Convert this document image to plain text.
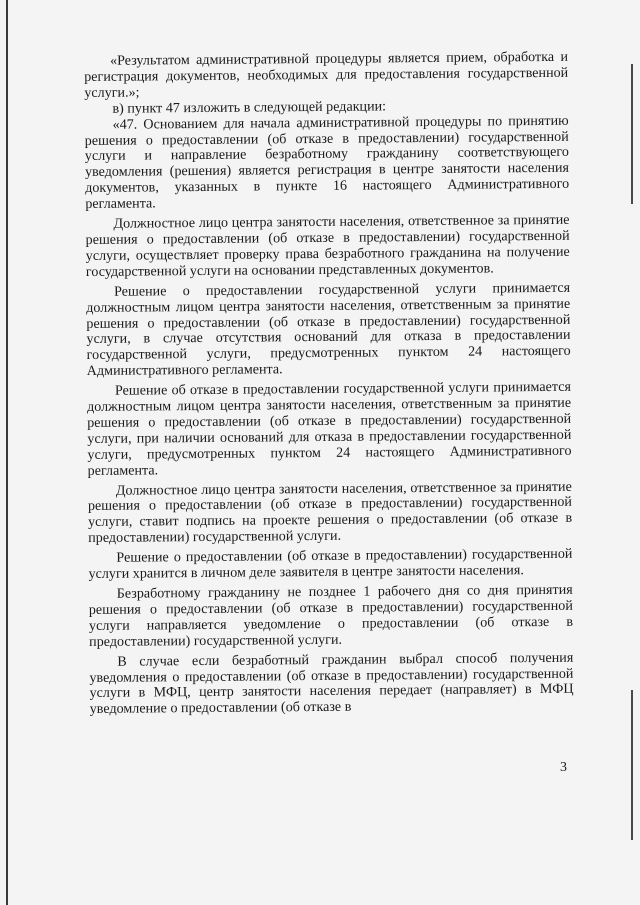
«Результатом административной процедуры является прием, обработка и регистрация документов, необходимых для предоставления государственной услуги.»;

в) пункт 47 изложить в следующей редакции:

«47. Основанием для начала административной процедуры по принятию решения о предоставлении (об отказе в предоставлении) государственной услуги и направление безработному гражданину соответствующего уведомления (решения) является регистрация в центре занятости населения документов, указанных в пункте 16 настоящего Административного регламента.

Должностное лицо центра занятости населения, ответственное за принятие решения о предоставлении (об отказе в предоставлении) государственной услуги, осуществляет проверку права безработного гражданина на получение государственной услуги на основании представленных документов.

Решение о предоставлении государственной услуги принимается должностным лицом центра занятости населения, ответственным за принятие решения о предоставлении (об отказе в предоставлении) государственной услуги, в случае отсутствия оснований для отказа в предоставлении государственной услуги, предусмотренных пунктом 24 настоящего Административного регламента.

Решение об отказе в предоставлении государственной услуги принимается должностным лицом центра занятости населения, ответственным за принятие решения о предоставлении (об отказе в предоставлении) государственной услуги, при наличии оснований для отказа в предоставлении государственной услуги, предусмотренных пунктом 24 настоящего Административного регламента.

Должностное лицо центра занятости населения, ответственное за принятие решения о предоставлении (об отказе в предоставлении) государственной услуги, ставит подпись на проекте решения о предоставлении (об отказе в предоставлении) государственной услуги.

Решение о предоставлении (об отказе в предоставлении) государственной услуги хранится в личном деле заявителя в центре занятости населения.

Безработному гражданину не позднее 1 рабочего дня со дня принятия решения о предоставлении (об отказе в предоставлении) государственной услуги направляется уведомление о предоставлении (об отказе в предоставлении) государственной услуги.

В случае если безработный гражданин выбрал способ получения уведомления о предоставлении (об отказе в предоставлении) государственной услуги в МФЦ, центр занятости населения передает (направляет) в МФЦ уведомление о предоставлении (об отказе в

3
